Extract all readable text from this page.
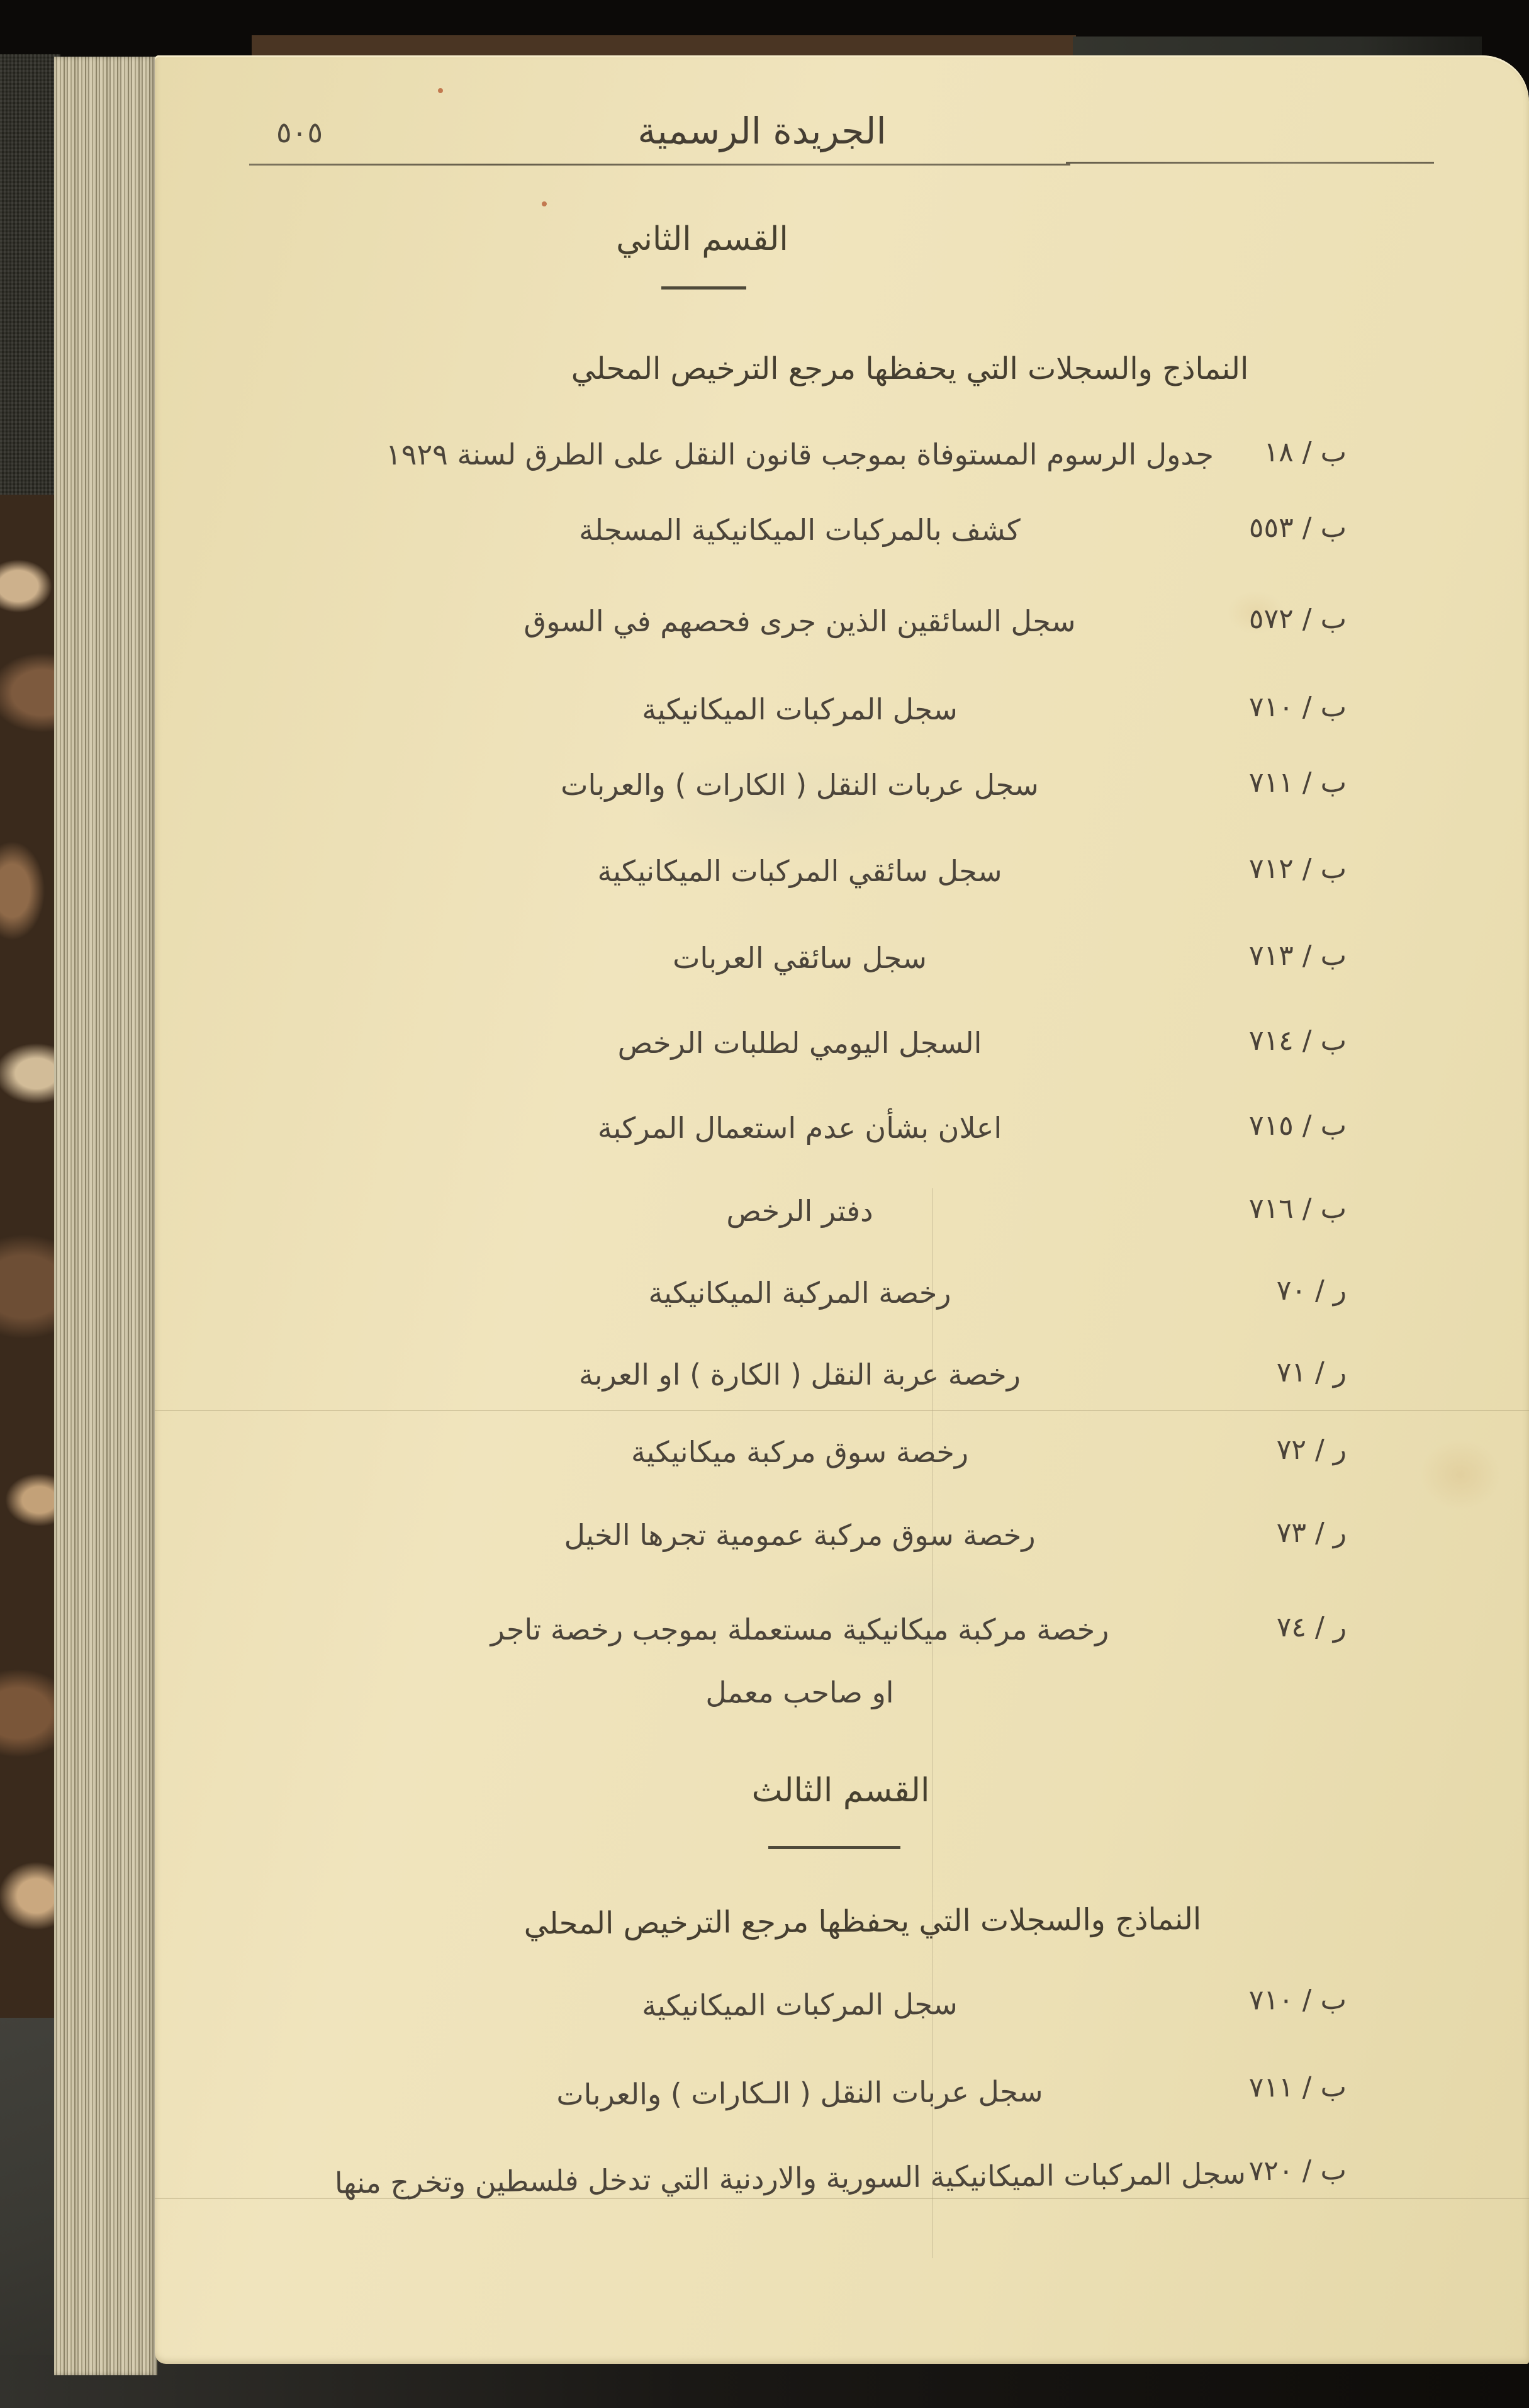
٥٠٥	الجريدة الرسمية
القسم الثاني
النماذج والسجلات التي يحفظها مرجع الترخيص المحلي
ب / ١٨
جدول الرسوم المستوفاة بموجب قانون النقل على الطرق لسنة ١٩٢٩
ب / ٥٥٣
كشف بالمركبات الميكانيكية المسجلة
ب / ٥٧٢
سجل السائقين الذين جرى فحصهم في السوق
ب / ٧١٠
سجل المركبات الميكانيكية
ب / ٧١١
سجل عربات النقل ( الكارات ) والعربات
ب / ٧١٢
سجل سائقي المركبات الميكانيكية
ب / ٧١٣
سجل سائقي العربات
ب / ٧١٤
السجل اليومي لطلبات الرخص
ب / ٧١٥
اعلان بشأن عدم استعمال المركبة
ب / ٧١٦
دفتر الرخص
ر / ٧٠
رخصة المركبة الميكانيكية
ر / ٧١
رخصة عربة النقل ( الكارة ) او العربة
ر / ٧٢
رخصة سوق مركبة ميكانيكية
ر / ٧٣
رخصة سوق مركبة عمومية تجرها الخيل
ر / ٧٤
رخصة مركبة ميكانيكية مستعملة بموجب رخصة تاجر
او صاحب معمل
القسم الثالث
النماذج والسجلات التي يحفظها مرجع الترخيص المحلي
ب / ٧١٠
سجل المركبات الميكانيكية
ب / ٧١١
سجل عربات النقل ( الـكارات ) والعربات
ب / ٧٢٠
سجل المركبات الميكانيكية السورية والاردنية التي تدخل فلسطين وتخرج منها
